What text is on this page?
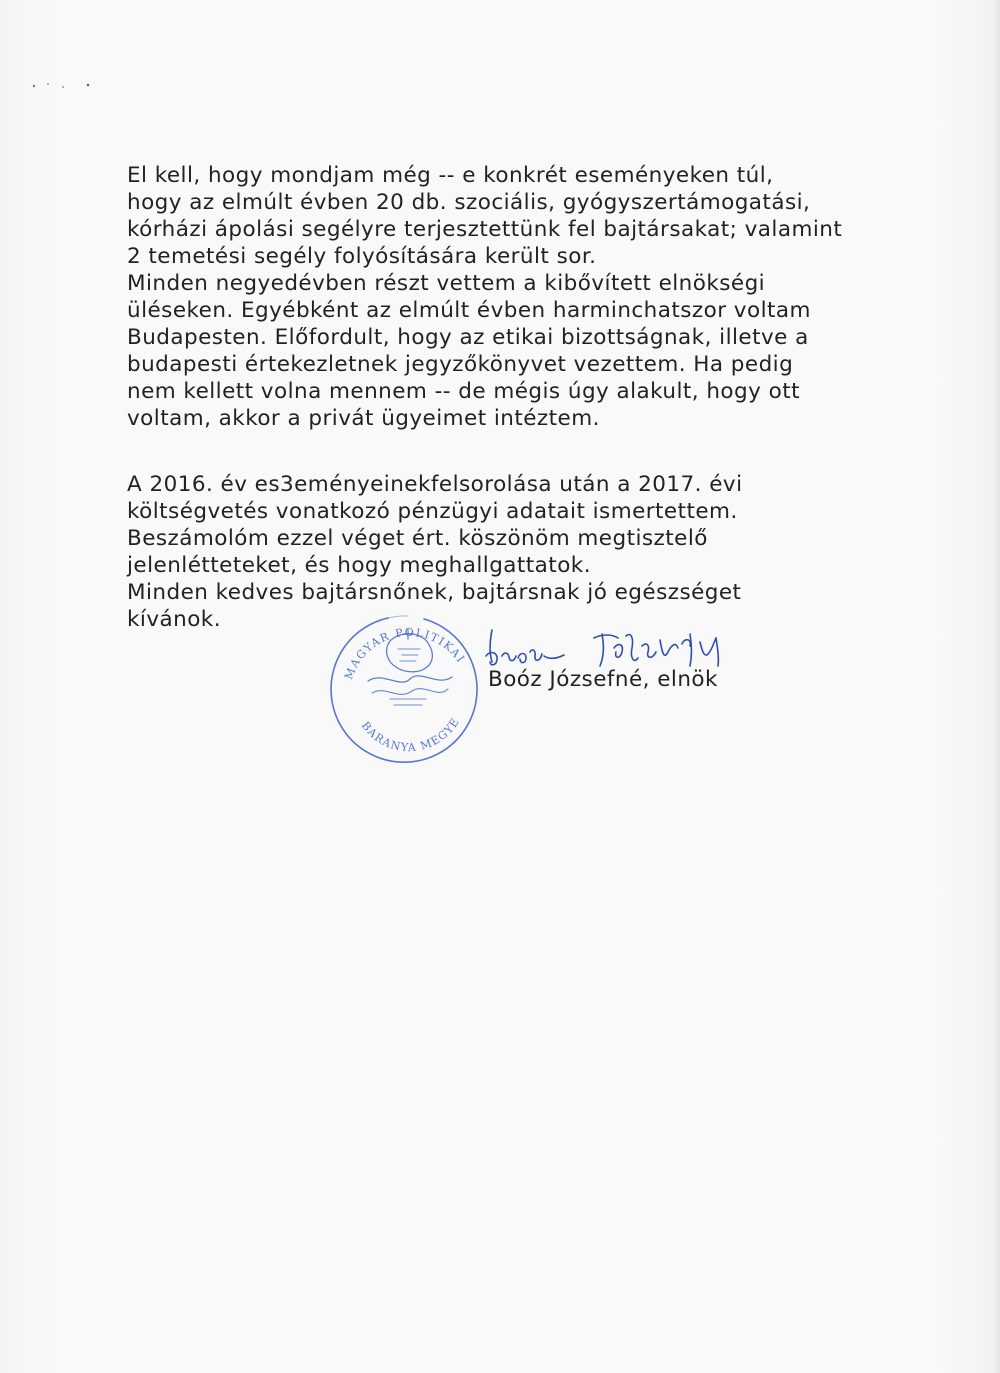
El kell, hogy mondjam még -- e konkrét eseményeken túl,
hogy az elmúlt évben 20 db. szociális, gyógyszertámogatási,
kórházi ápolási segélyre terjesztettünk fel bajtársakat; valamint
2 temetési segély folyósítására került sor.
Minden negyedévben részt vettem a kibővített elnökségi
üléseken. Egyébként az elmúlt évben harminchatszor voltam
Budapesten. Előfordult, hogy az etikai bizottságnak, illetve a
budapesti értekezletnek jegyzőkönyvet vezettem. Ha pedig
nem kellett volna mennem -- de mégis úgy alakult, hogy ott
voltam, akkor a privát ügyeimet intéztem.
A 2016. év es3eményeinekfelsorolása után a 2017. évi
költségvetés vonatkozó pénzügyi adatait ismertettem.
Beszámolóm ezzel véget ért. köszönöm megtisztelő
jelenlétteteket, és hogy meghallgattatok.
Minden kedves bajtársnőnek, bajtársnak jó egészséget
kívánok.
MAGYAR POLITIKAI
BARANYA MEGYE
Boóz Józsefné, elnök
